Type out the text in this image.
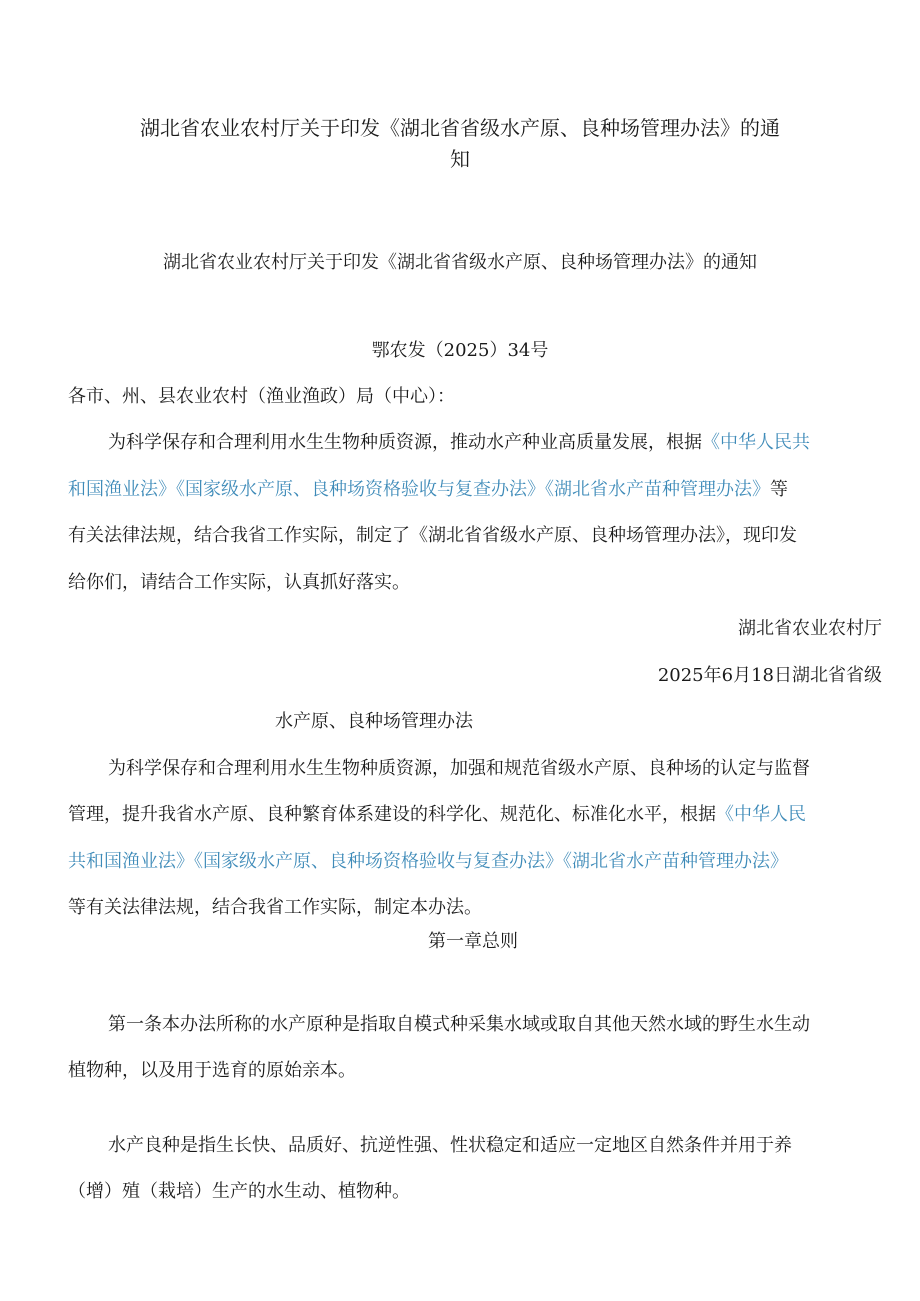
湖北省农业农村厅关于印发《湖北省省级水产原、良种场管理办法》的通
知
湖北省农业农村厅关于印发《湖北省省级水产原、良种场管理办法》的通知
鄂农发（2025）34号
各市、州、县农业农村（渔业渔政）局（中心）：
为科学保存和合理利用水生生物种质资源，推动水产种业高质量发展，根据《中华人民共
和国渔业法》《国家级水产原、良种场资格验收与复查办法》《湖北省水产苗种管理办法》等
有关法律法规，结合我省工作实际，制定了《湖北省省级水产原、良种场管理办法》，现印发
给你们，请结合工作实际，认真抓好落实。
湖北省农业农村厅
2025年6月18日湖北省省级
水产原、良种场管理办法
为科学保存和合理利用水生生物种质资源，加强和规范省级水产原、良种场的认定与监督
管理，提升我省水产原、良种繁育体系建设的科学化、规范化、标准化水平，根据《中华人民
共和国渔业法》《国家级水产原、良种场资格验收与复查办法》《湖北省水产苗种管理办法》
等有关法律法规，结合我省工作实际，制定本办法。
第一章总则
第一条本办法所称的水产原种是指取自模式种采集水域或取自其他天然水域的野生水生动
植物种，以及用于选育的原始亲本。
水产良种是指生长快、品质好、抗逆性强、性状稳定和适应一定地区自然条件并用于养
（增）殖（栽培）生产的水生动、植物种。
